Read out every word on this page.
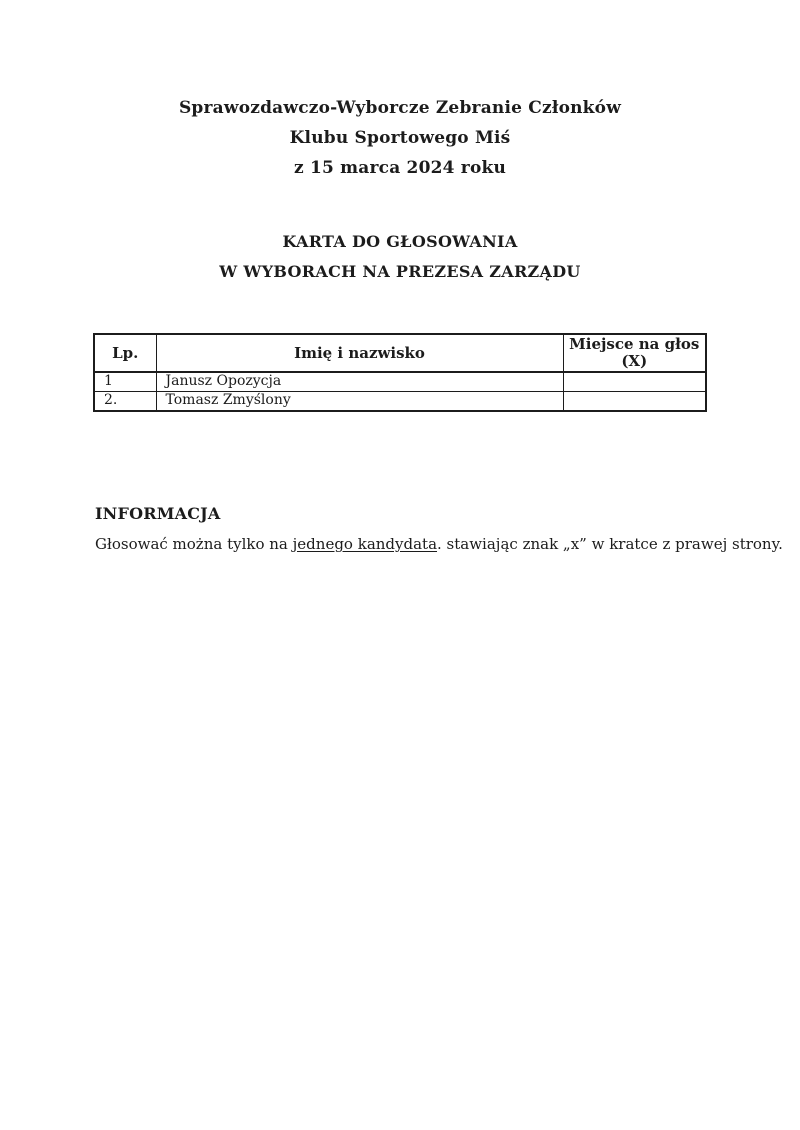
Sprawozdawczo-Wyborcze Zebranie Członków
Klubu Sportowego Miś
z 15 marca 2024 roku
KARTA DO GŁOSOWANIA
W WYBORACH NA PREZESA ZARZĄDU
Lp.	Imię i nazwisko	Miejsce na głos
(X)

1	Janusz Opozycja	
2.	Tomasz Zmyślony	
INFORMACJA

Głosować można tylko na jednego kandydata. stawiając znak „x” w kratce z prawej strony.
